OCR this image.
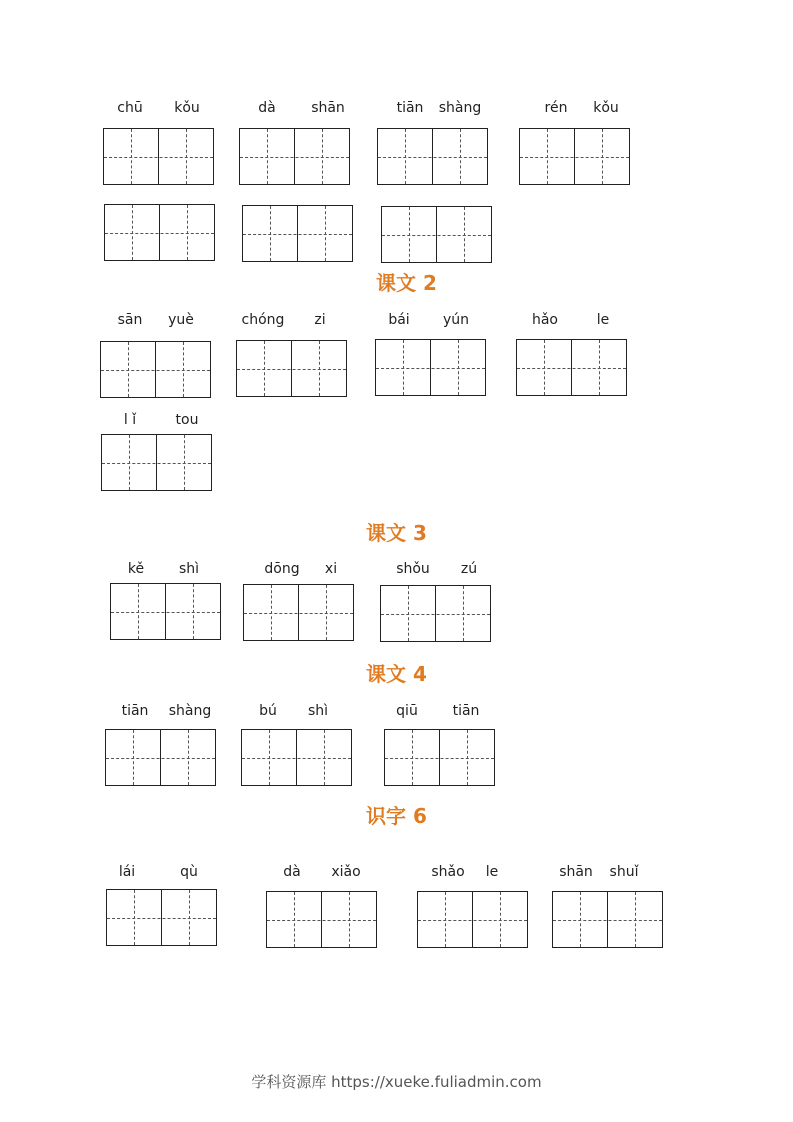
课文 2
课文 3
课文 4
识字 6
chū kǒu	dà	shān	tiān shàng	rén kǒu
sān yuè	chóng zi	bái yún	hǎo	le
l ǐ	tou
kě shì	dōng xi	shǒu zú
tiān shàng	bú shì	qiū tiān
lái	qù	dà xiǎo	shǎo le	shān shuǐ
学科资源库 https://xueke.fuliadmin.com
